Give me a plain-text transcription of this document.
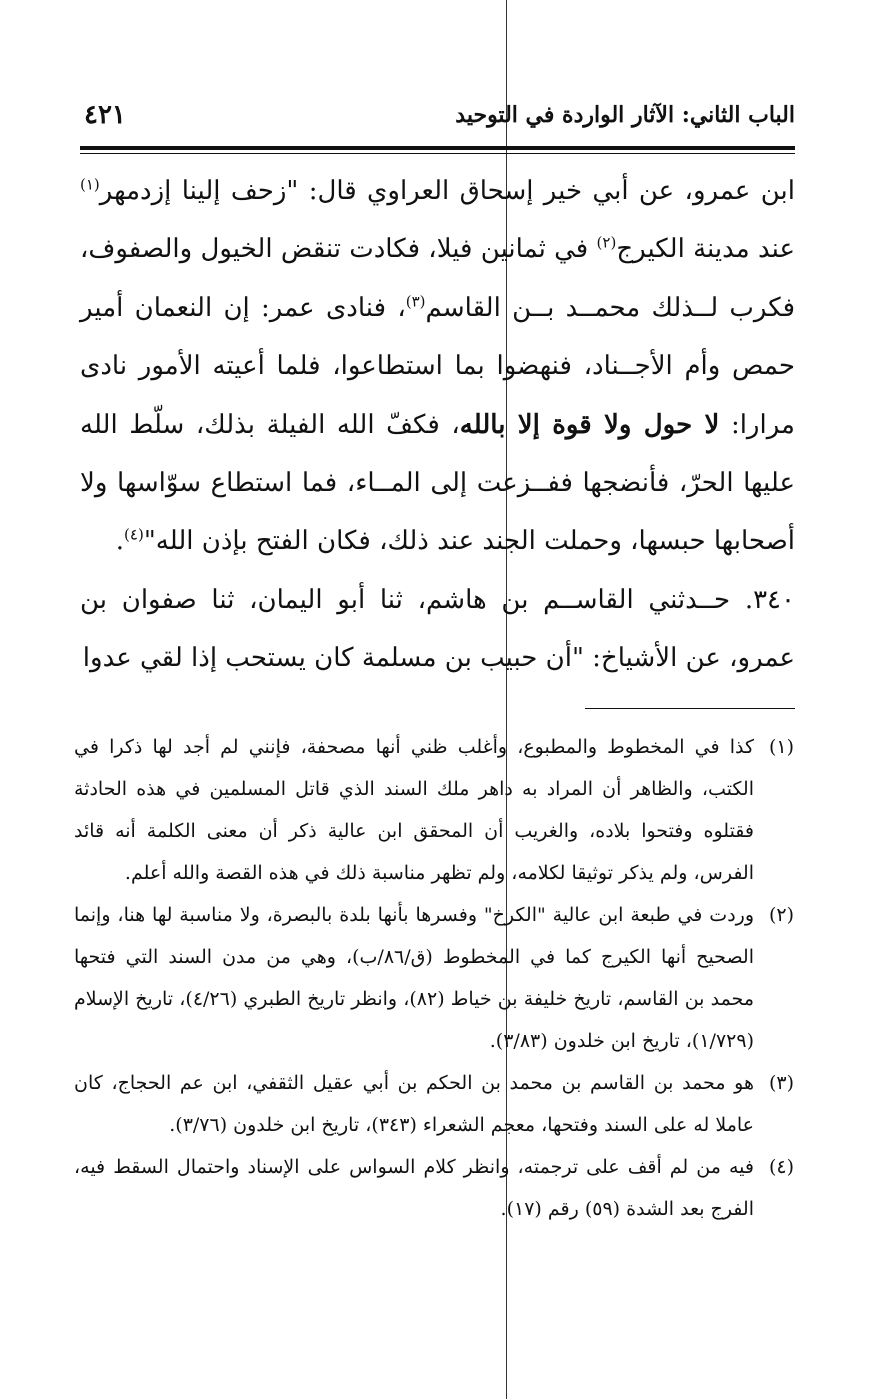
الباب الثاني: الآثار الواردة في التوحيد
٤٢١

ابن عمرو، عن أبي خير إسحاق العراوي قال: "زحف إلينا إزدمهر$^{(١)}$ عند مدينة الكيرج$^{(٢)}$ في ثمانين فيلا، فكادت تنقض الخيول والصفوف، فكرب لــذلك محمــد بــن القاسم$^{(٣)}$، فنادى عمر: إن النعمان أمير حمص وأم الأجــناد، فنهضوا بما استطاعوا، فلما أعيته الأمور نادى مرارا: لا حول ولا قوة إلا بالله، فكفّ الله الفيلة بذلك، سلّط الله عليها الحرّ، فأنضجها ففــزعت إلى المــاء، فما استطاع سوّاسها ولا أصحابها حبسها، وحملت الجند عند ذلك، فكان الفتح بإذن الله"$^{(٤)}$.

٣٤٠. حــدثني القاســم بن هاشم، ثنا أبو اليمان، ثنا صفوان بن عمرو، عن الأشياخ: "أن حبيب بن مسلمة كان يستحب إذا لقي عدوا

(١)
كذا في المخطوط والمطبوع، وأغلب ظني أنها مصحفة، فإنني لم أجد لها ذكرا في الكتب، والظاهر أن المراد به داهر ملك السند الذي قاتل المسلمين في هذه الحادثة فقتلوه وفتحوا بلاده، والغريب أن المحقق ابن عالية ذكر أن معنى الكلمة أنه قائد الفرس، ولم يذكر توثيقا لكلامه، ولم تظهر مناسبة ذلك في هذه القصة والله أعلم.
(٢)
وردت في طبعة ابن عالية "الكرخ" وفسرها بأنها بلدة بالبصرة، ولا مناسبة لها هنا، وإنما الصحيح أنها الكيرج كما في المخطوط (ق/٨٦/ب)، وهي من مدن السند التي فتحها محمد بن القاسم، تاريخ خليفة بن خياط (٨٢)، وانظر تاريخ الطبري (٤/٢٦)، تاريخ الإسلام (١/٧٢٩)، تاريخ ابن خلدون (٣/٨٣).
(٣)
هو محمد بن القاسم بن محمد بن الحكم بن أبي عقيل الثقفي، ابن عم الحجاج، كان عاملا له على السند وفتحها، معجم الشعراء (٣٤٣)، تاريخ ابن خلدون (٣/٧٦).
(٤)
فيه من لم أقف على ترجمته، وانظر كلام السواس على الإسناد واحتمال السقط فيه، الفرج بعد الشدة (٥٩) رقم (١٧).
